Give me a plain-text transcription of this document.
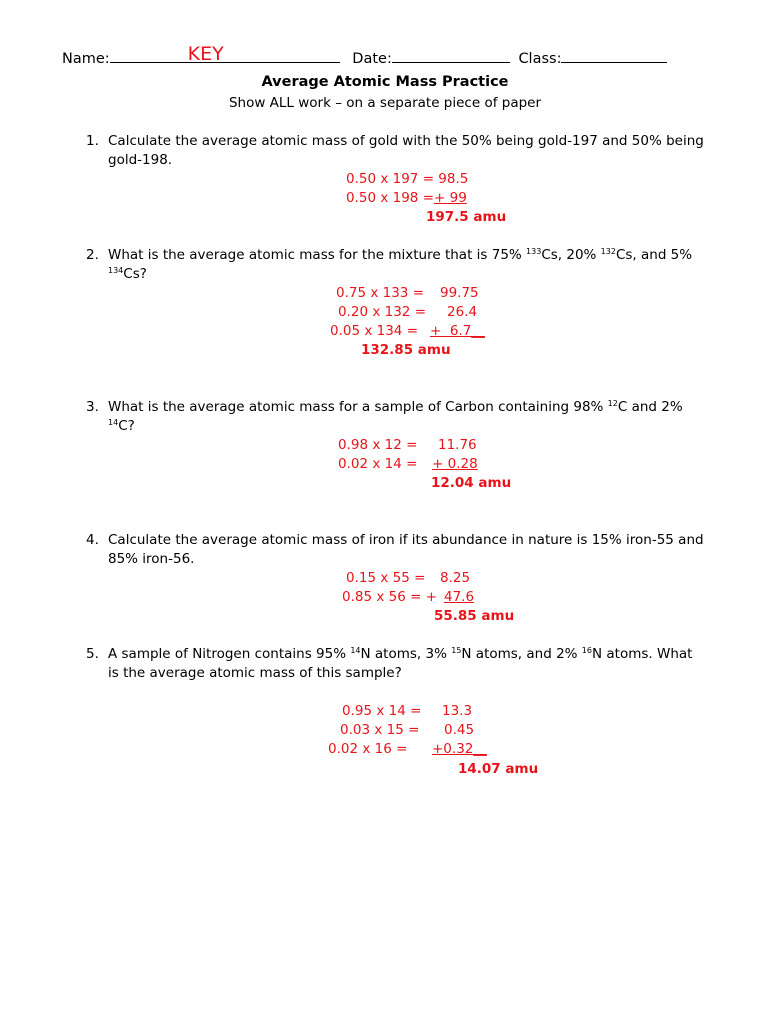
Name:	KEY	Date:	Class:
Average Atomic Mass Practice
Show ALL work – on a separate piece of paper
1. Calculate the average atomic mass of gold with the 50% being gold-197 and 50% being gold-198.
0.50 x 197 = 98.5
0.50 x 198 =+ 99
197.5 amu
2. What is the average atomic mass for the mixture that is 75% $^{133}$Cs, 20% $^{132}$Cs, and 5% $^{134}$Cs?
0.75 x 133 = 99.75
0.20 x 132 = 26.4
0.05 x 134 = +  6.7__
132.85 amu
3. What is the average atomic mass for a sample of Carbon containing 98% $^{12}$C and 2% $^{14}$C?
0.98 x 12 = 11.76
0.02 x 14 = + 0.28
12.04 amu
4. Calculate the average atomic mass of iron if its abundance in nature is 15% iron-55 and 85% iron-56.
0.15 x 55 = 8.25
0.85 x 56 = + 47.6
55.85 amu
5. A sample of Nitrogen contains 95% $^{14}$N atoms, 3% $^{15}$N atoms, and 2% $^{16}$N atoms. What is the average atomic mass of this sample?
0.95 x 14 = 13.3
0.03 x 15 = 0.45
0.02 x 16 = +0.32__
14.07 amu
